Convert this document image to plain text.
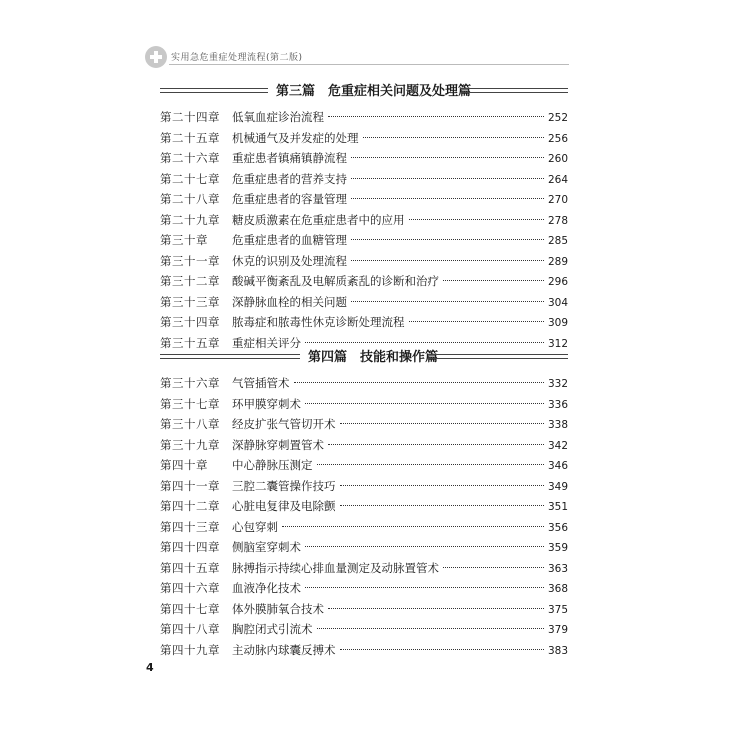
实用急危重症处理流程(第二版)
第三篇　危重症相关问题及处理篇
第二十四章	低氧血症诊治流程	252
第二十五章	机械通气及并发症的处理	256
第二十六章	重症患者镇痛镇静流程	260
第二十七章	危重症患者的营养支持	264
第二十八章	危重症患者的容量管理	270
第二十九章	糖皮质激素在危重症患者中的应用	278
第三十章	危重症患者的血糖管理	285
第三十一章	休克的识别及处理流程	289
第三十二章	酸碱平衡紊乱及电解质紊乱的诊断和治疗	296
第三十三章	深静脉血栓的相关问题	304
第三十四章	脓毒症和脓毒性休克诊断处理流程	309
第三十五章	重症相关评分	312
第四篇　技能和操作篇
第三十六章	气管插管术	332
第三十七章	环甲膜穿刺术	336
第三十八章	经皮扩张气管切开术	338
第三十九章	深静脉穿刺置管术	342
第四十章	中心静脉压测定	346
第四十一章	三腔二囊管操作技巧	349
第四十二章	心脏电复律及电除颤	351
第四十三章	心包穿刺	356
第四十四章	侧脑室穿刺术	359
第四十五章	脉搏指示持续心排血量测定及动脉置管术	363
第四十六章	血液净化技术	368
第四十七章	体外膜肺氧合技术	375
第四十八章	胸腔闭式引流术	379
第四十九章	主动脉内球囊反搏术	383
4
